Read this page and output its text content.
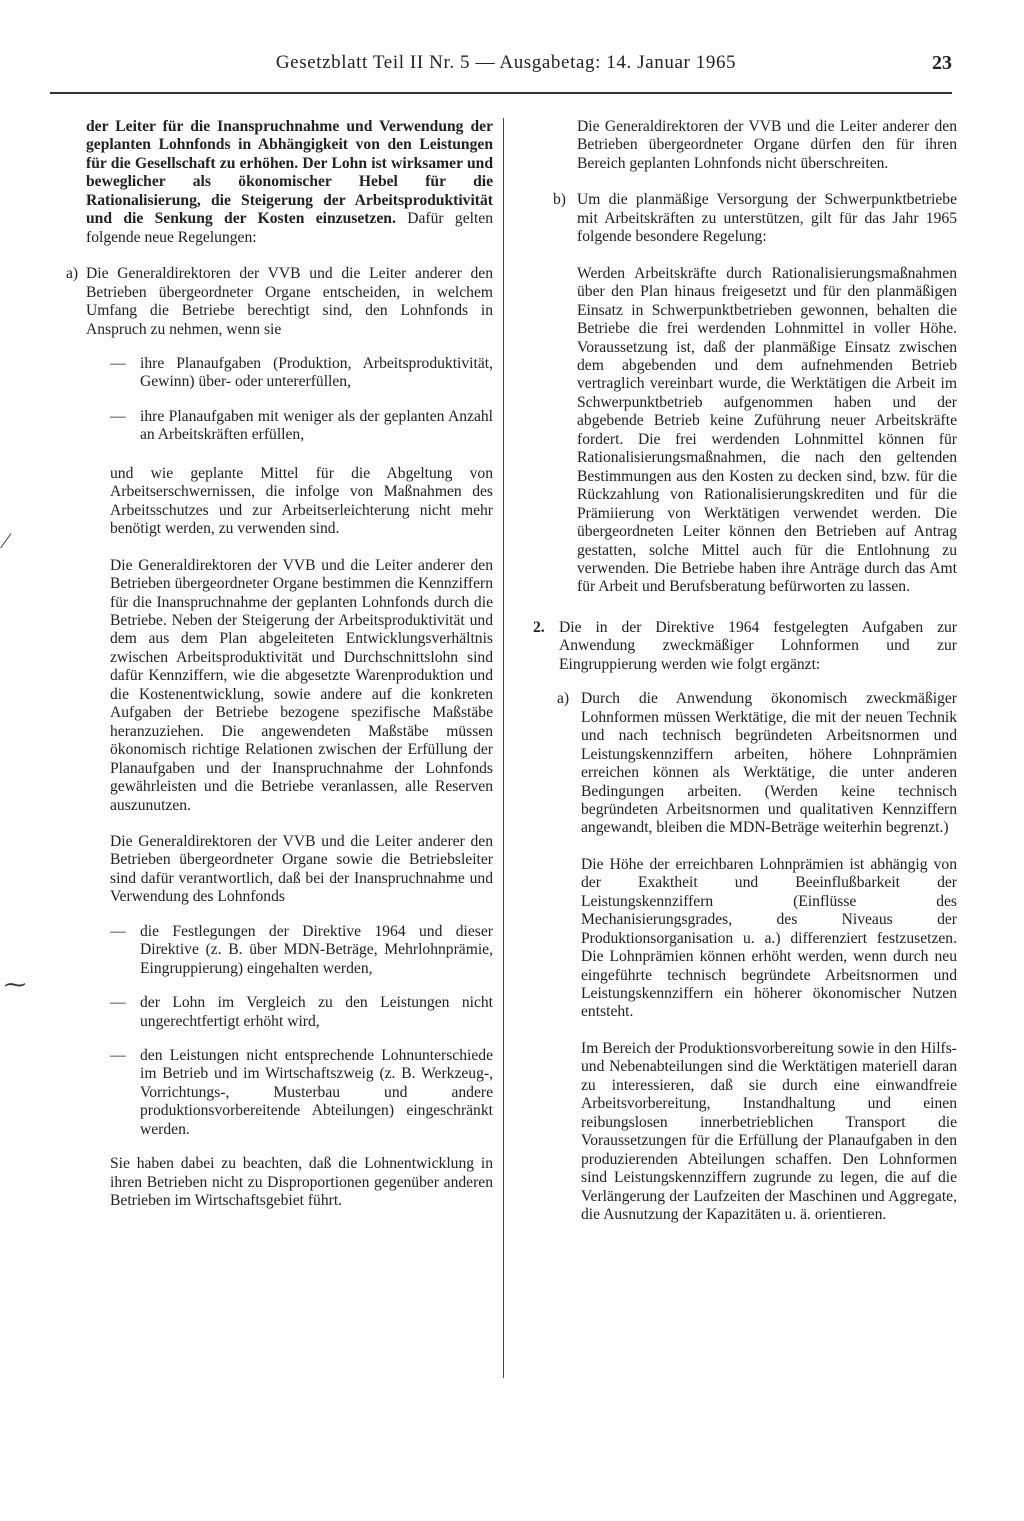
Gesetzblatt Teil II Nr. 5 — Ausgabetag: 14. Januar 1965	23
⁄
⁓

der Leiter für die Inanspruchnahme und Verwendung der geplanten Lohnfonds in Abhängigkeit von den Leistungen für die Gesellschaft zu erhöhen. Der Lohn ist wirksamer und beweglicher als ökonomischer Hebel für die Rationalisierung, die Steigerung der Arbeitsproduktivität und die Senkung der Kosten einzusetzen. Dafür gelten folgende neue Regelungen:

a) Die Generaldirektoren der VVB und die Leiter anderer den Betrieben übergeordneter Organe entscheiden, in welchem Umfang die Betriebe berechtigt sind, den Lohnfonds in Anspruch zu nehmen, wenn sie
— ihre Planaufgaben (Produktion, Arbeitsproduktivität, Gewinn) über- oder untererfüllen,
— ihre Planaufgaben mit weniger als der geplanten Anzahl an Arbeitskräften erfüllen,

und wie geplante Mittel für die Abgeltung von Arbeitserschwernissen, die infolge von Maßnahmen des Arbeitsschutzes und zur Arbeitserleichterung nicht mehr benötigt werden, zu verwenden sind.

Die Generaldirektoren der VVB und die Leiter anderer den Betrieben übergeordneter Organe bestimmen die Kennziffern für die Inanspruchnahme der geplanten Lohnfonds durch die Betriebe. Neben der Steigerung der Arbeitsproduktivität und dem aus dem Plan abgeleiteten Entwicklungsverhältnis zwischen Arbeitsproduktivität und Durchschnittslohn sind dafür Kennziffern, wie die abgesetzte Warenproduktion und die Kostenentwicklung, sowie andere auf die konkreten Aufgaben der Betriebe bezogene spezifische Maßstäbe heranzuziehen. Die angewendeten Maßstäbe müssen ökonomisch richtige Relationen zwischen der Erfüllung der Planaufgaben und der Inanspruchnahme der Lohnfonds gewährleisten und die Betriebe veranlassen, alle Reserven auszunutzen.

Die Generaldirektoren der VVB und die Leiter anderer den Betrieben übergeordneter Organe sowie die Betriebsleiter sind dafür verantwortlich, daß bei der Inanspruchnahme und Verwendung des Lohnfonds

— die Festlegungen der Direktive 1964 und dieser Direktive (z. B. über MDN-Beträge, Mehrlohnprämie, Eingruppierung) eingehalten werden,
— der Lohn im Vergleich zu den Leistungen nicht ungerechtfertigt erhöht wird,
— den Leistungen nicht entsprechende Lohnunterschiede im Betrieb und im Wirtschaftszweig (z. B. Werkzeug-, Vorrichtungs-, Musterbau und andere produktionsvorbereitende Abteilungen) eingeschränkt werden.

Sie haben dabei zu beachten, daß die Lohnentwicklung in ihren Betrieben nicht zu Disproportionen gegenüber anderen Betrieben im Wirtschaftsgebiet führt.

Die Generaldirektoren der VVB und die Leiter anderer den Betrieben übergeordneter Organe dürfen den für ihren Bereich geplanten Lohnfonds nicht überschreiten.

b) Um die planmäßige Versorgung der Schwerpunktbetriebe mit Arbeitskräften zu unterstützen, gilt für das Jahr 1965 folgende besondere Regelung:

Werden Arbeitskräfte durch Rationalisierungsmaßnahmen über den Plan hinaus freigesetzt und für den planmäßigen Einsatz in Schwerpunktbetrieben gewonnen, behalten die Betriebe die frei werdenden Lohnmittel in voller Höhe. Voraussetzung ist, daß der planmäßige Einsatz zwischen dem abgebenden und dem aufnehmenden Betrieb vertraglich vereinbart wurde, die Werktätigen die Arbeit im Schwerpunktbetrieb aufgenommen haben und der abgebende Betrieb keine Zuführung neuer Arbeitskräfte fordert. Die frei werdenden Lohnmittel können für Rationalisierungsmaßnahmen, die nach den geltenden Bestimmungen aus den Kosten zu decken sind, bzw. für die Rückzahlung von Rationalisierungskrediten und für die Prämiierung von Werktätigen verwendet werden. Die übergeordneten Leiter können den Betrieben auf Antrag gestatten, solche Mittel auch für die Entlohnung zu verwenden. Die Betriebe haben ihre Anträge durch das Amt für Arbeit und Berufsberatung befürworten zu lassen.

2. Die in der Direktive 1964 festgelegten Aufgaben zur Anwendung zweckmäßiger Lohnformen und zur Eingruppierung werden wie folgt ergänzt:
a) Durch die Anwendung ökonomisch zweckmäßiger Lohnformen müssen Werktätige, die mit der neuen Technik und nach technisch begründeten Arbeitsnormen und Leistungskennziffern arbeiten, höhere Lohnprämien erreichen können als Werktätige, die unter anderen Bedingungen arbeiten. (Werden keine technisch begründeten Arbeitsnormen und qualitativen Kennziffern angewandt, bleiben die MDN-Beträge weiterhin begrenzt.)

Die Höhe der erreichbaren Lohnprämien ist abhängig von der Exaktheit und Beeinflußbarkeit der Leistungskennziffern (Einflüsse des Mechanisierungsgrades, des Niveaus der Produktionsorganisation u. a.) differenziert festzusetzen. Die Lohnprämien können erhöht werden, wenn durch neu eingeführte technisch begründete Arbeitsnormen und Leistungskennziffern ein höherer ökonomischer Nutzen entsteht.

Im Bereich der Produktionsvorbereitung sowie in den Hilfs- und Nebenabteilungen sind die Werktätigen materiell daran zu interessieren, daß sie durch eine einwandfreie Arbeitsvorbereitung, Instandhaltung und einen reibungslosen innerbetrieblichen Transport die Voraussetzungen für die Erfüllung der Planaufgaben in den produzierenden Abteilungen schaffen. Den Lohnformen sind Leistungskennziffern zugrunde zu legen, die auf die Verlängerung der Laufzeiten der Maschinen und Aggregate, die Ausnutzung der Kapazitäten u. ä. orientieren.
